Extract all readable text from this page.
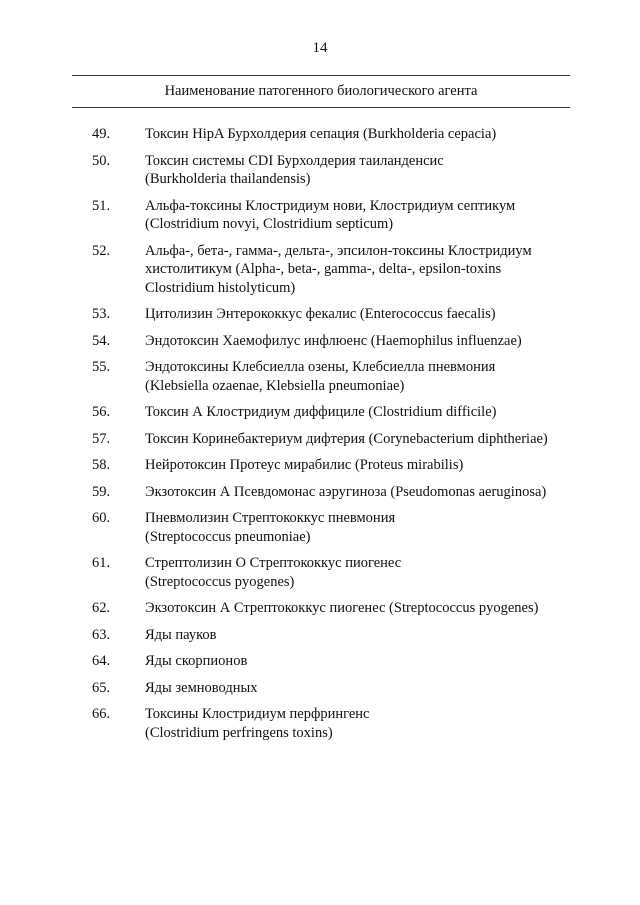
14
Наименование патогенного биологического агента
49.	Токсин HipA Бурхолдерия сепация (Burkholderia cepacia)
50.	Токсин системы CDI Бурхолдерия таиланденсис
(Burkholderia thailandensis)
51.	Альфа-токсины Клостридиум нови, Клостридиум септикум
(Clostridium novyi, Clostridium septicum)
52.	Альфа-, бета-, гамма-, дельта-, эпсилон-токсины Клостридиум
хистолитикум (Alpha-, beta-, gamma-, delta-, epsilon-toxins
Clostridium histolyticum)
53.	Цитолизин Энтерококкус фекалис (Enterococcus faecalis)
54.	Эндотоксин Хаемофилус инфлюенс (Haemophilus influenzae)
55.	Эндотоксины Клебсиелла озены, Клебсиелла пневмония
(Klebsiella ozaenae, Klebsiella pneumoniae)
56.	Токсин А Клостридиум диффициле (Clostridium difficile)
57.	Токсин Коринебактериум дифтерия (Corynebacterium diphtheriae)
58.	Нейротоксин Протеус мирабилис (Proteus mirabilis)
59.	Экзотоксин А Псевдомонас аэругиноза (Pseudomonas aeruginosa)
60.	Пневмолизин Стрептококкус пневмония
(Streptococcus pneumoniae)
61.	Стрептолизин О Стрептококкус пиогенес
(Streptococcus pyogenes)
62.	Экзотоксин А Стрептококкус пиогенес (Streptococcus pyogenes)
63.	Яды пауков
64.	Яды скорпионов
65.	Яды земноводных
66.	Токсины Клостридиум перфрингенс
(Clostridium perfringens toxins)
